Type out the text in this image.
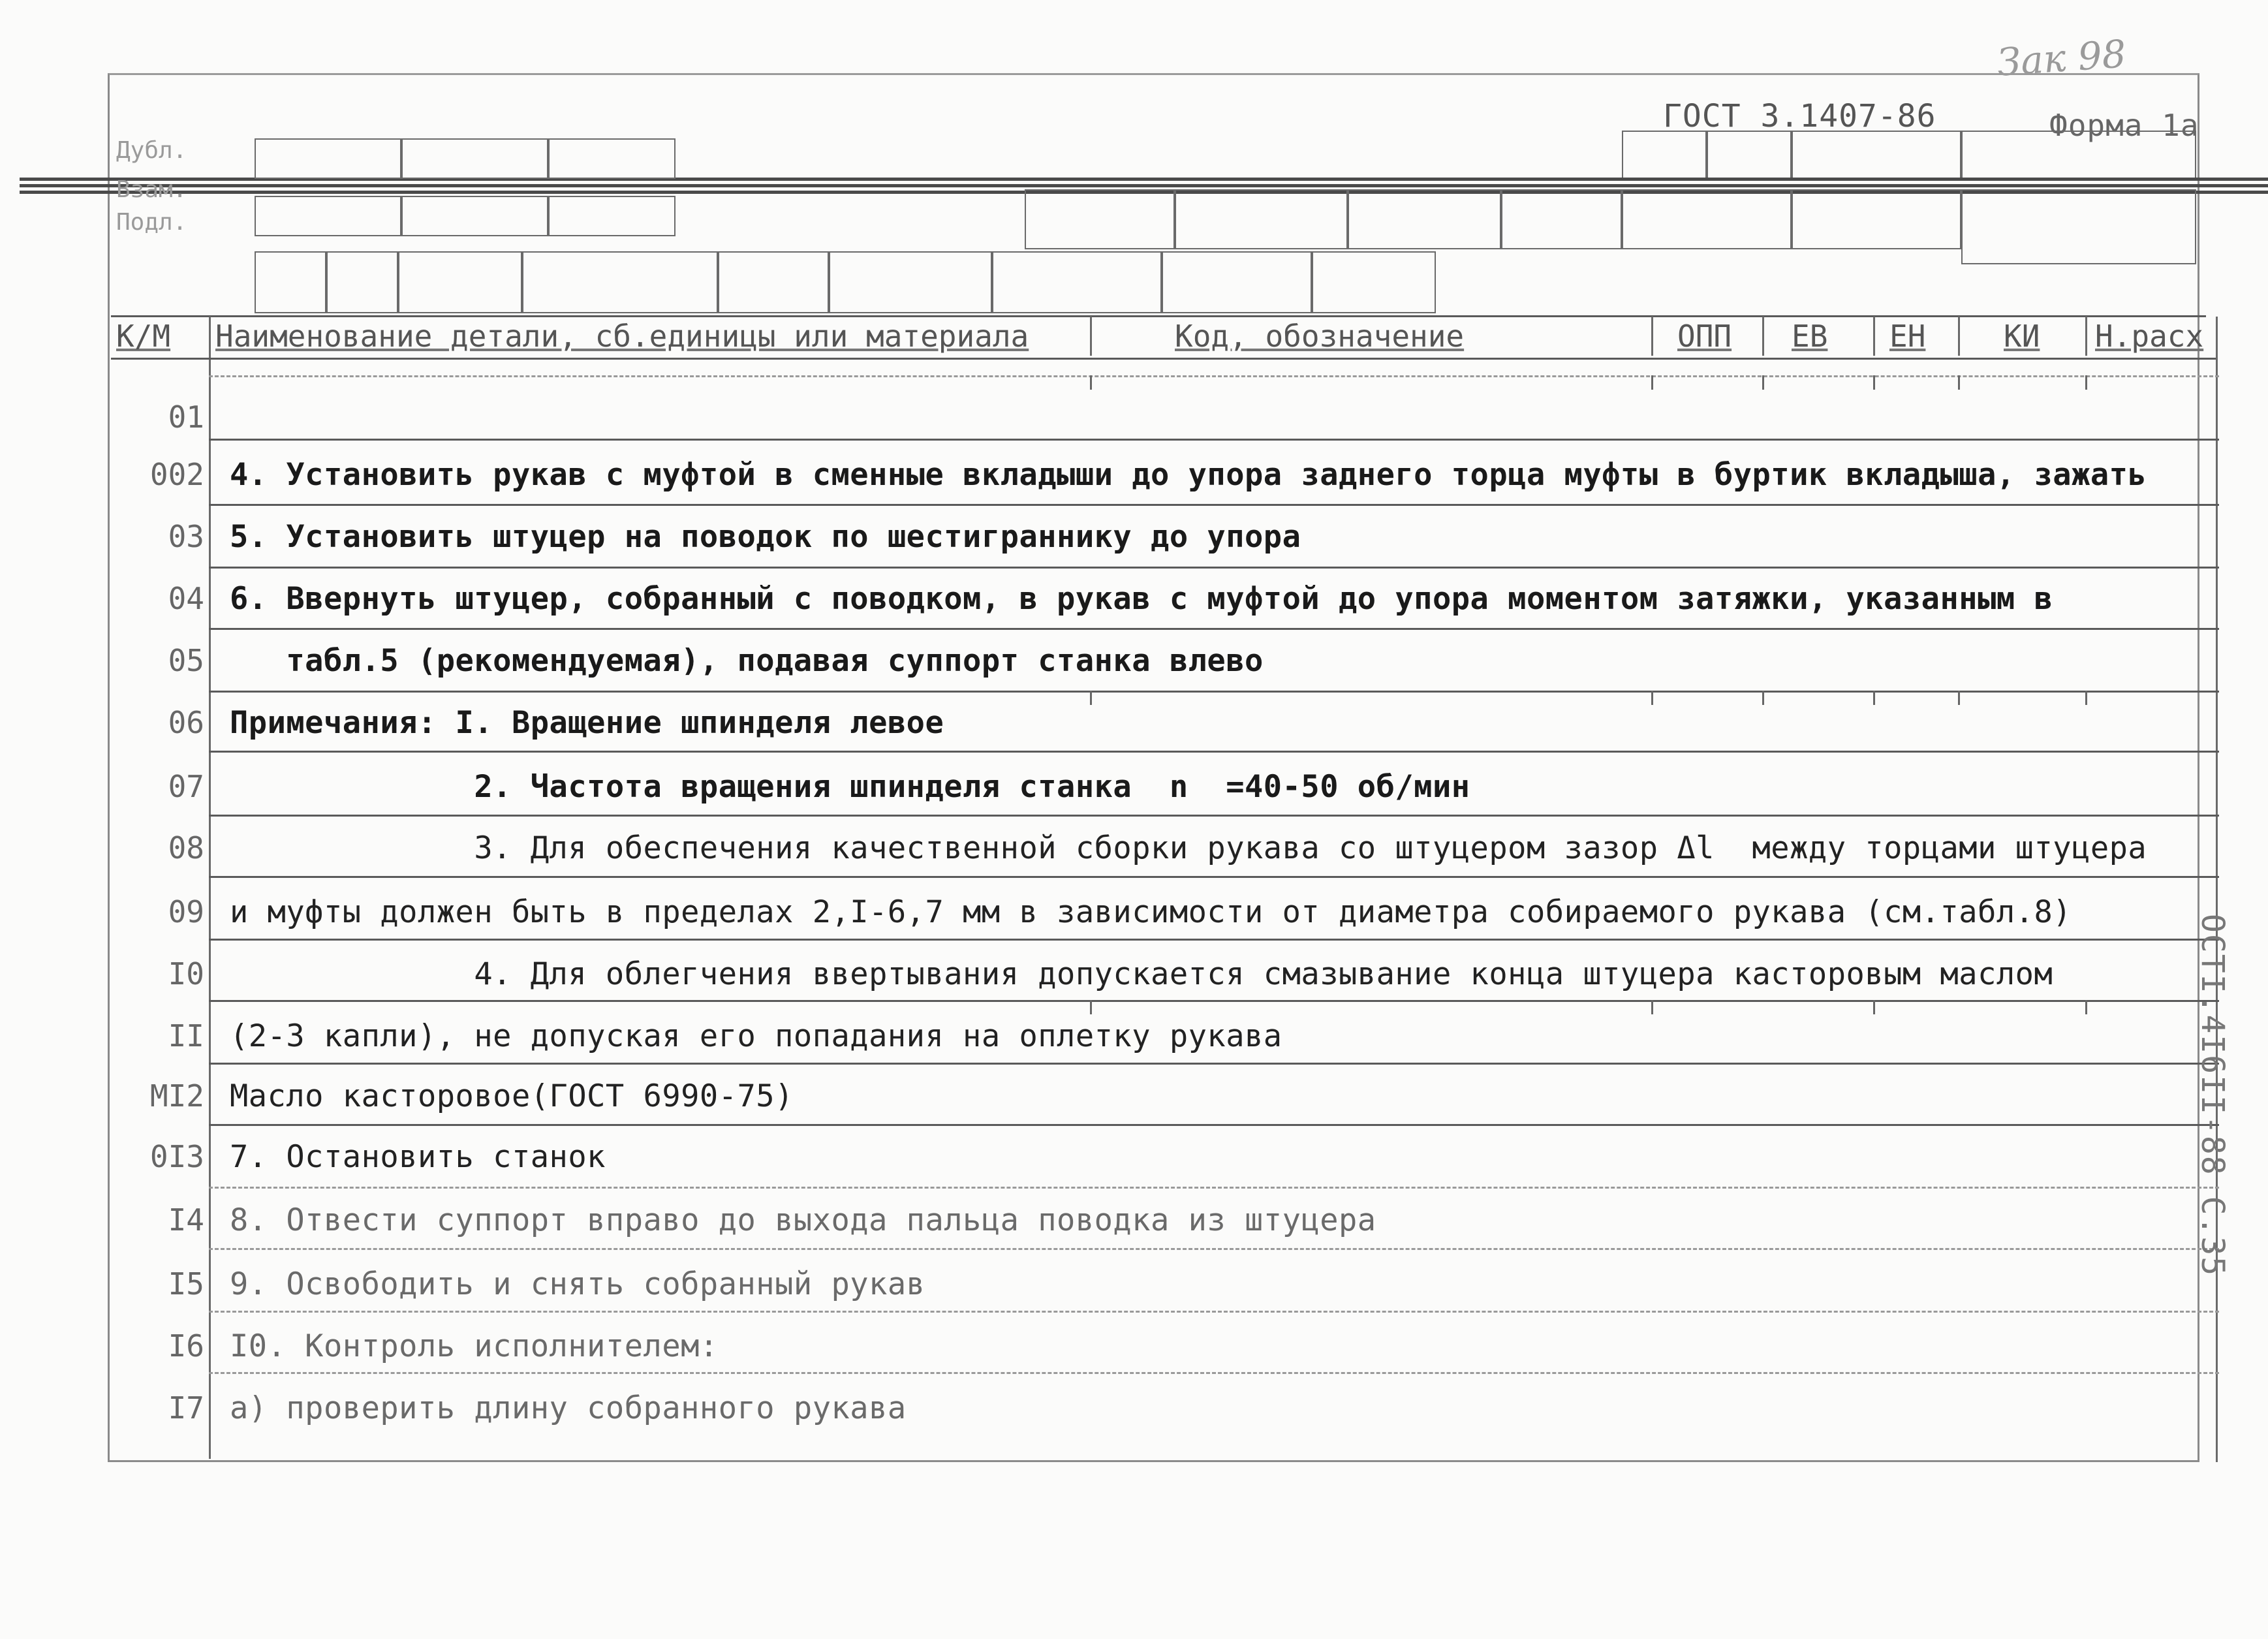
Зак 98
ГОСТ 3.1407-86	Форма 1а
Дубл.
Взам.
Подл.
К/М Наименование детали, сб.единицы или материала	Код, обозначение	ОПП ЕВ ЕН	КИ Н.расх
01
002 4. Установить рукав с муфтой в сменные вкладыши до упора заднего торца муфты в буртик вкладыша, зажать
03 5. Установить штуцер на поводок по шестиграннику до упора
04 6. Ввернуть штуцер, собранный с поводком, в рукав с муфтой до упора моментом затяжки, указанным в
05 табл.5 (рекомендуемая), подавая суппорт станка влево
06 Примечания: I. Вращение шпинделя левое
07 2. Частота вращения шпинделя станка  n  =40-50 об/мин
08 3. Для обеспечения качественной сборки рукава со штуцером зазор Δl  между торцами штуцера
09 и муфты должен быть в пределах 2,I-6,7 мм в зависимости от диаметра собираемого рукава (см.табл.8)
I0 4. Для облегчения ввертывания допускается смазывание конца штуцера касторовым маслом
II (2-3 капли), не допуская его попадания на оплетку рукава
МI2 Масло касторовое(ГОСТ 6990-75)
0I3 7. Остановить станок
I4 8. Отвести суппорт вправо до выхода пальца поводка из штуцера
I5 9. Освободить и снять собранный рукав
I6 I0. Контроль исполнителем:
I7 а) проверить длину собранного рукава
ОСТI.4I6II-88 С.35
